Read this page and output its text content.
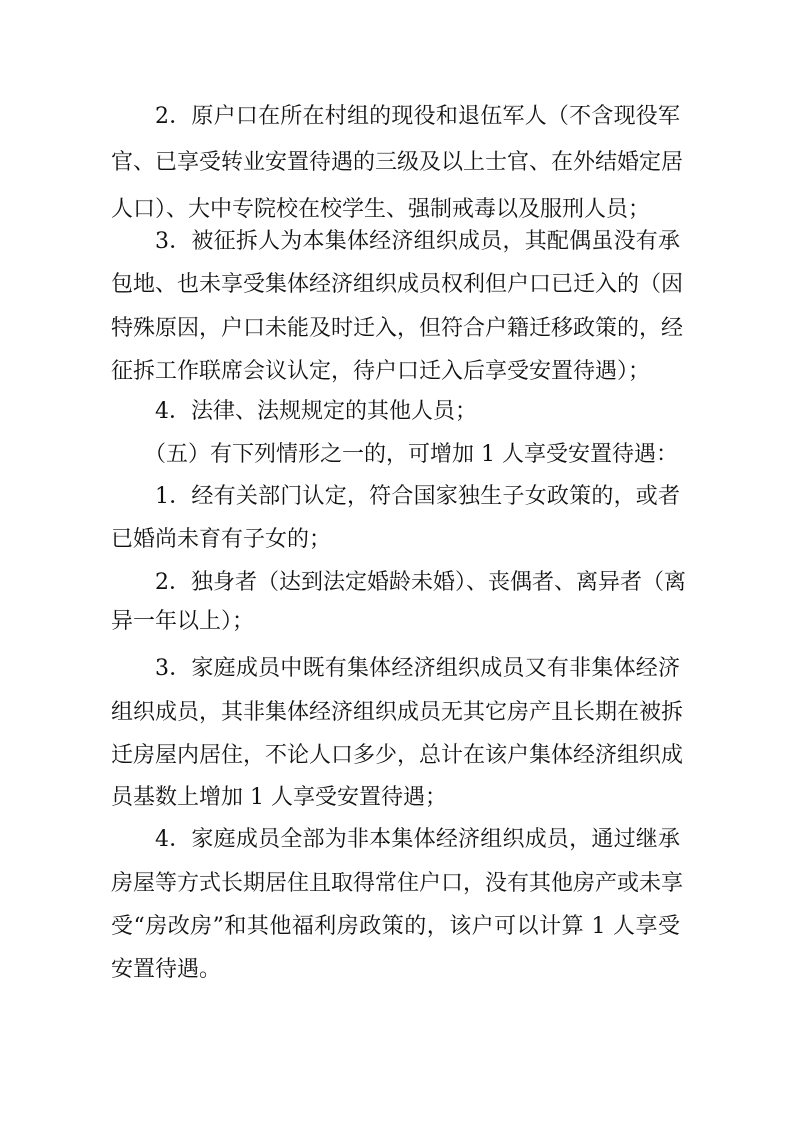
2．原户口在所在村组的现役和退伍军人（不含现役军
官、已享受转业安置待遇的三级及以上士官、在外结婚定居
人口）、大中专院校在校学生、强制戒毒以及服刑人员；
3．被征拆人为本集体经济组织成员，其配偶虽没有承
包地、也未享受集体经济组织成员权利但户口已迁入的（因
特殊原因，户口未能及时迁入，但符合户籍迁移政策的，经
征拆工作联席会议认定，待户口迁入后享受安置待遇）；
4．法律、法规规定的其他人员；
（五）有下列情形之一的，可增加 1 人享受安置待遇：
1．经有关部门认定，符合国家独生子女政策的，或者
已婚尚未育有子女的；
2．独身者（达到法定婚龄未婚）、丧偶者、离异者（离
异一年以上）；
3．家庭成员中既有集体经济组织成员又有非集体经济
组织成员，其非集体经济组织成员无其它房产且长期在被拆
迁房屋内居住，不论人口多少，总计在该户集体经济组织成
员基数上增加 1 人享受安置待遇；
4．家庭成员全部为非本集体经济组织成员，通过继承
房屋等方式长期居住且取得常住户口，没有其他房产或未享
受“房改房”和其他福利房政策的，该户可以计算 1 人享受
安置待遇。
